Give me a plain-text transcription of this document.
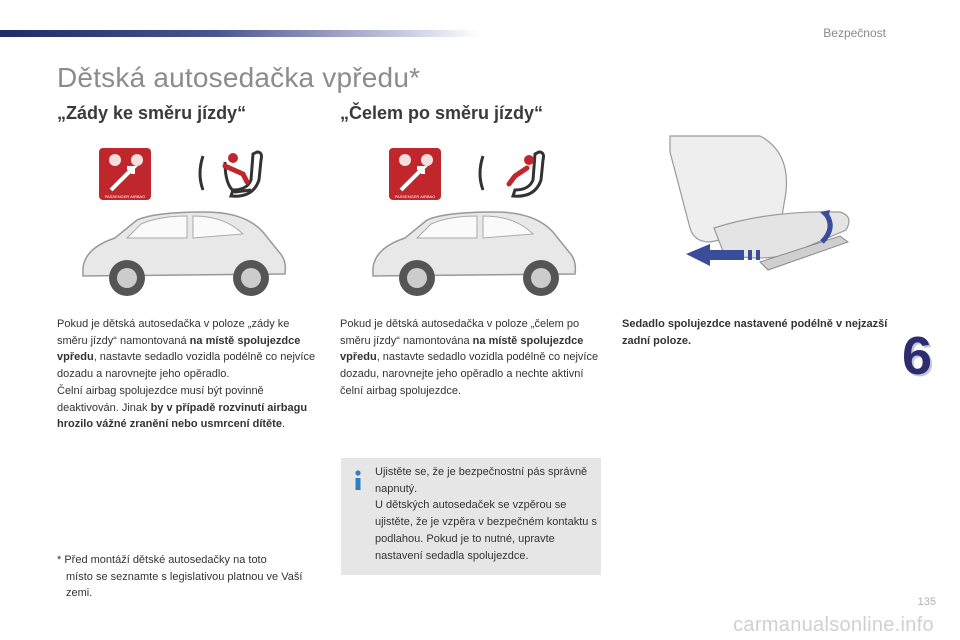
Bezpečnost
Dětská autosedačka vpředu*
„Zády ke směru jízdy“	„Čelem po směru jízdy“
PASSENGER AIRBAG	PASSENGER AIRBAG

Pokud je dětská autosedačka v poloze „zády ke směru jízdy“ namontovaná na místě spolujezdce vpředu, nastavte sedadlo vozidla podélně co nejvíce dozadu a narovnejte jeho opěradlo.

Čelní airbag spolujezdce musí být povinně deaktivován. Jinak by v případě rozvinutí airbagu hrozilo vážné zranění nebo usmrcení dítěte.

* Před montáží dětské autosedačky na toto
místo se seznamte s legislativou platnou ve Vaší zemi.

Pokud je dětská autosedačka v poloze „čelem po směru jízdy“ namontována na místě spolujezdce vpředu, nastavte sedadlo vozidla podélně co nejvíce dozadu, narovnejte jeho opěradlo a nechte aktivní čelní airbag spolujezdce.

Sedadlo spolujezdce nastavené podélně v nejzazší zadní poloze.
Ujistěte se, že je bezpečnostní pás správně napnutý.
U dětských autosedaček se vzpěrou se ujistěte, že je vzpěra v bezpečném kontaktu s podlahou. Pokud je to nutné, upravte nastavení sedadla spolujezdce.
6
carmanualsonline.info
135
